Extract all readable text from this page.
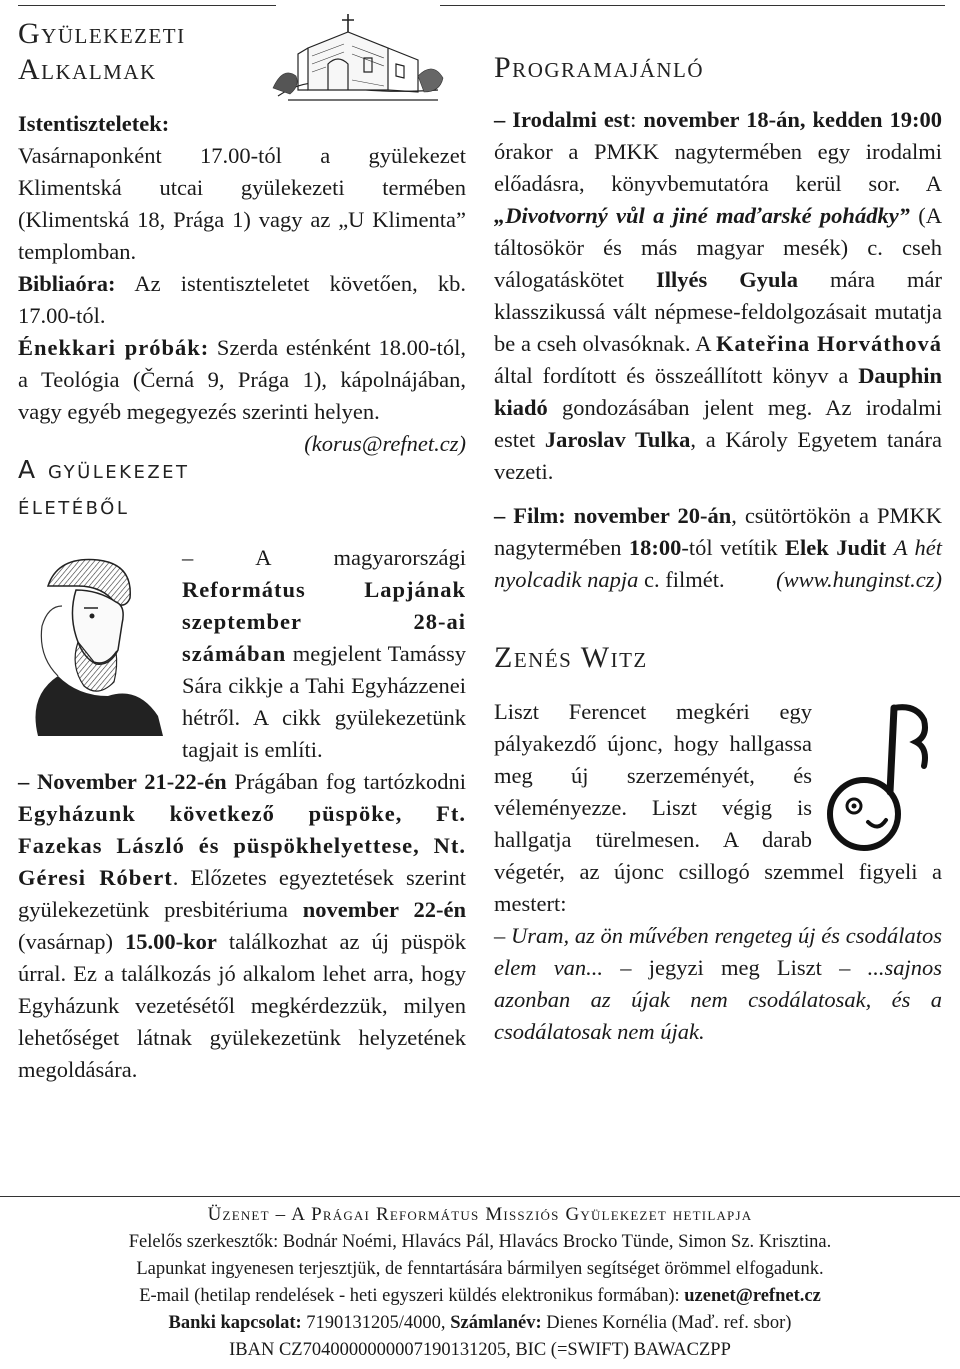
Gyülekezeti
Alkalmak

Istentiszteletek:
Vasárnaponként 17.00-tól a gyülekezet Klimentská utcai gyülekezeti termében (Klimentská 18, Prága 1) vagy az „U Klimenta” templomban.
Bibliaóra: Az istentiszteletet követően, kb. 17.00-tól.
Énekkari próbák: Szerda esténként 18.00-tól, a Teológia (Černá 9, Prága 1), kápolnájában, vagy egyéb megegyezés szerinti helyen.
(korus@refnet.cz)

A gyülekezet életéből

– A magyarországi Református Lapjának szeptember 28-ai számában megjelent Tamássy Sára cikkje a Tahi Egyházzenei hétről. A cikk gyülekezetünk tagjait is említi.

– November 21-22-én Prágában fog tartózkodni Egyházunk következő püspöke, Ft. Fazekas László és püspökhelyettese, Nt. Géresi Róbert. Előzetes egyeztetések szerint gyülekezetünk presbitériuma november 22-én (vasárnap) 15.00-kor találkozhat az új püspök úrral. Ez a találkozás jó alkalom lehet arra, hogy Egyházunk vezetésétől megkérdezzük, milyen lehetőséget látnak gyülekezetünk helyzetének megoldására.

Programajánló

– Irodalmi est: november 18-án, kedden 19:00 órakor a PMKK nagytermében egy irodalmi előadásra, könyvbemutatóra kerül sor. A „Divotvorný vůl a jiné maďarské pohádky” (A táltosökör és más magyar mesék) c. cseh válogatáskötet Illyés Gyula mára már klasszikussá vált népmese-feldolgozásait mutatja be a cseh olvasóknak. A Kateřina Horváthová által fordított és összeállított könyv a Dauphin kiadó gondozásában jelent meg. Az irodalmi estet Jaroslav Tulka, a Károly Egyetem tanára vezeti.

– Film: november 20-án, csütörtökön a PMKK nagytermében 18:00-tól vetítik Elek Judit A hét nyolcadik napja c. filmét. (www.hunginst.cz)

Zenés Witz

Liszt Ferencet megkéri egy pályakezdő újonc, hogy hallgassa meg új szerzeményét, és véleményezze. Liszt végig is hallgatja türelmesen. A darab végetér, az újonc csillogó szemmel figyeli a mestert:
– Uram, az ön művében rengeteg új és csodálatos elem van... – jegyzi meg Liszt – ...sajnos azonban az újak nem csodálatosak, és a csodálatosak nem újak.

Üzenet – A Prágai Református Missziós Gyülekezet hetilapja
Felelős szerkesztők: Bodnár Noémi, Hlavács Pál, Hlavács Brocko Tünde, Simon Sz. Krisztina.
Lapunkat ingyenesen terjesztjük, de fenntartására bármilyen segítséget örömmel elfogadunk.
E-mail (hetilap rendelések - heti egyszeri küldés elektronikus formában): uzenet@refnet.cz
Banki kapcsolat: 7190131205/4000, Számlanév: Dienes Kornélia (Maď. ref. sbor)
IBAN CZ7040000000007190131205, BIC (=SWIFT) BAWACZPP
